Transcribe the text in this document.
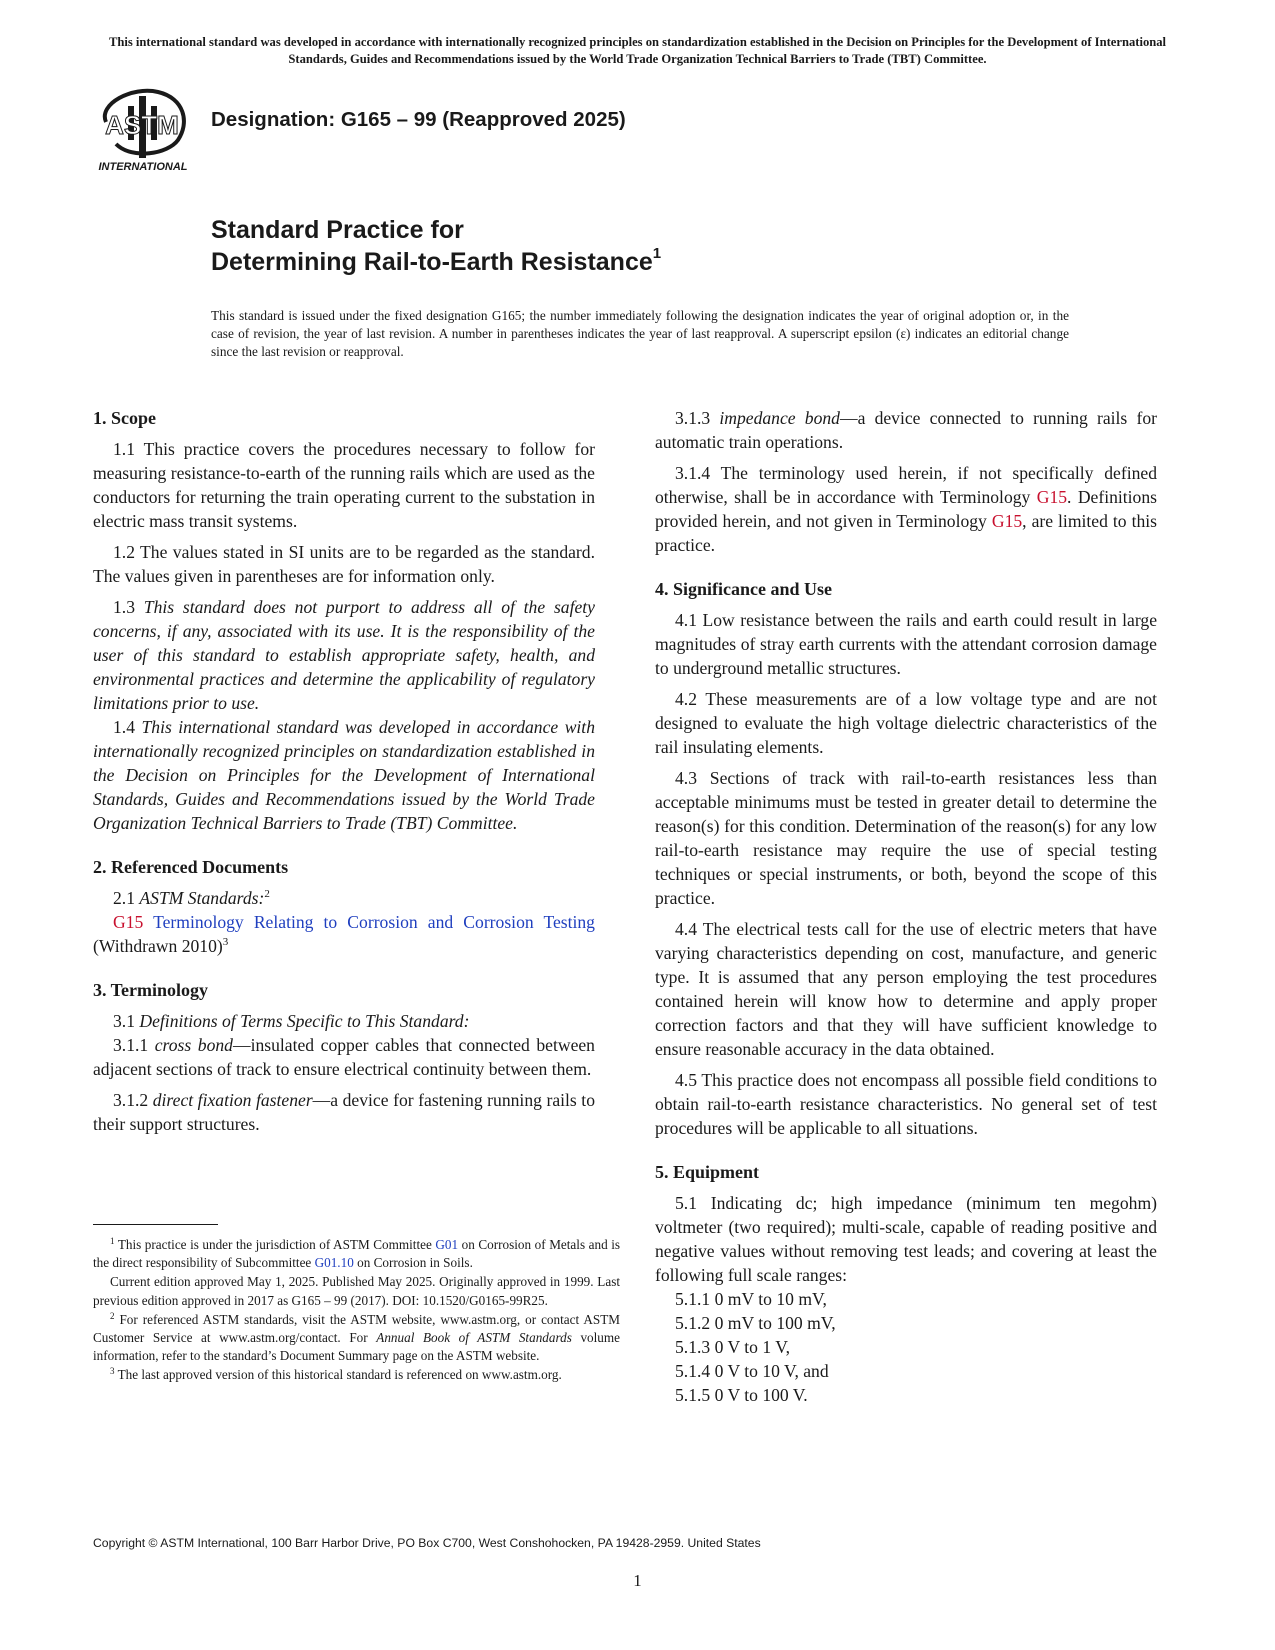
This international standard was developed in accordance with internationally recognized principles on standardization established in the Decision on Principles for the Development of International Standards, Guides and Recommendations issued by the World Trade Organization Technical Barriers to Trade (TBT) Committee.
ASTM
INTERNATIONAL
Designation: G165 – 99 (Reapproved 2025)
Standard Practice for
Determining Rail-to-Earth Resistance$^1$
This standard is issued under the fixed designation G165; the number immediately following the designation indicates the year of original adoption or, in the case of revision, the year of last revision. A number in parentheses indicates the year of last reapproval. A superscript epsilon (ε) indicates an editorial change since the last revision or reapproval.
1. Scope

1.1 This practice covers the procedures necessary to follow for measuring resistance-to-earth of the running rails which are used as the conductors for returning the train operating current to the substation in electric mass transit systems.

1.2 The values stated in SI units are to be regarded as the standard. The values given in parentheses are for information only.

1.3 This standard does not purport to address all of the safety concerns, if any, associated with its use. It is the responsibility of the user of this standard to establish appropriate safety, health, and environmental practices and determine the applicability of regulatory limitations prior to use.

1.4 This international standard was developed in accordance with internationally recognized principles on standardization established in the Decision on Principles for the Development of International Standards, Guides and Recommendations issued by the World Trade Organization Technical Barriers to Trade (TBT) Committee.

2. Referenced Documents

2.1 ASTM Standards:$^2$

G15 Terminology Relating to Corrosion and Corrosion Testing (Withdrawn 2010)$^3$

3. Terminology

3.1 Definitions of Terms Specific to This Standard:

3.1.1 cross bond—insulated copper cables that connected between adjacent sections of track to ensure electrical continuity between them.

3.1.2 direct fixation fastener—a device for fastening running rails to their support structures.

3.1.3 impedance bond—a device connected to running rails for automatic train operations.

3.1.4 The terminology used herein, if not specifically defined otherwise, shall be in accordance with Terminology G15. Definitions provided herein, and not given in Terminology G15, are limited to this practice.

4. Significance and Use

4.1 Low resistance between the rails and earth could result in large magnitudes of stray earth currents with the attendant corrosion damage to underground metallic structures.

4.2 These measurements are of a low voltage type and are not designed to evaluate the high voltage dielectric characteristics of the rail insulating elements.

4.3 Sections of track with rail-to-earth resistances less than acceptable minimums must be tested in greater detail to determine the reason(s) for this condition. Determination of the reason(s) for any low rail-to-earth resistance may require the use of special testing techniques or special instruments, or both, beyond the scope of this practice.

4.4 The electrical tests call for the use of electric meters that have varying characteristics depending on cost, manufacture, and generic type. It is assumed that any person employing the test procedures contained herein will know how to determine and apply proper correction factors and that they will have sufficient knowledge to ensure reasonable accuracy in the data obtained.

4.5 This practice does not encompass all possible field conditions to obtain rail-to-earth resistance characteristics. No general set of test procedures will be applicable to all situations.

5. Equipment

5.1 Indicating dc; high impedance (minimum ten megohm) voltmeter (two required); multi-scale, capable of reading positive and negative values without removing test leads; and covering at least the following full scale ranges:

5.1.1 0 mV to 10 mV,
5.1.2 0 mV to 100 mV,
5.1.3 0 V to 1 V,
5.1.4 0 V to 10 V, and
5.1.5 0 V to 100 V.

$^1$ This practice is under the jurisdiction of ASTM Committee G01 on Corrosion of Metals and is the direct responsibility of Subcommittee G01.10 on Corrosion in Soils.

Current edition approved May 1, 2025. Published May 2025. Originally approved in 1999. Last previous edition approved in 2017 as G165 – 99 (2017). DOI: 10.1520/G0165-99R25.

$^2$ For referenced ASTM standards, visit the ASTM website, www.astm.org, or contact ASTM Customer Service at www.astm.org/contact. For Annual Book of ASTM Standards volume information, refer to the standard’s Document Summary page on the ASTM website.

$^3$ The last approved version of this historical standard is referenced on www.astm.org.

Copyright © ASTM International, 100 Barr Harbor Drive, PO Box C700, West Conshohocken, PA 19428-2959. United States
1
